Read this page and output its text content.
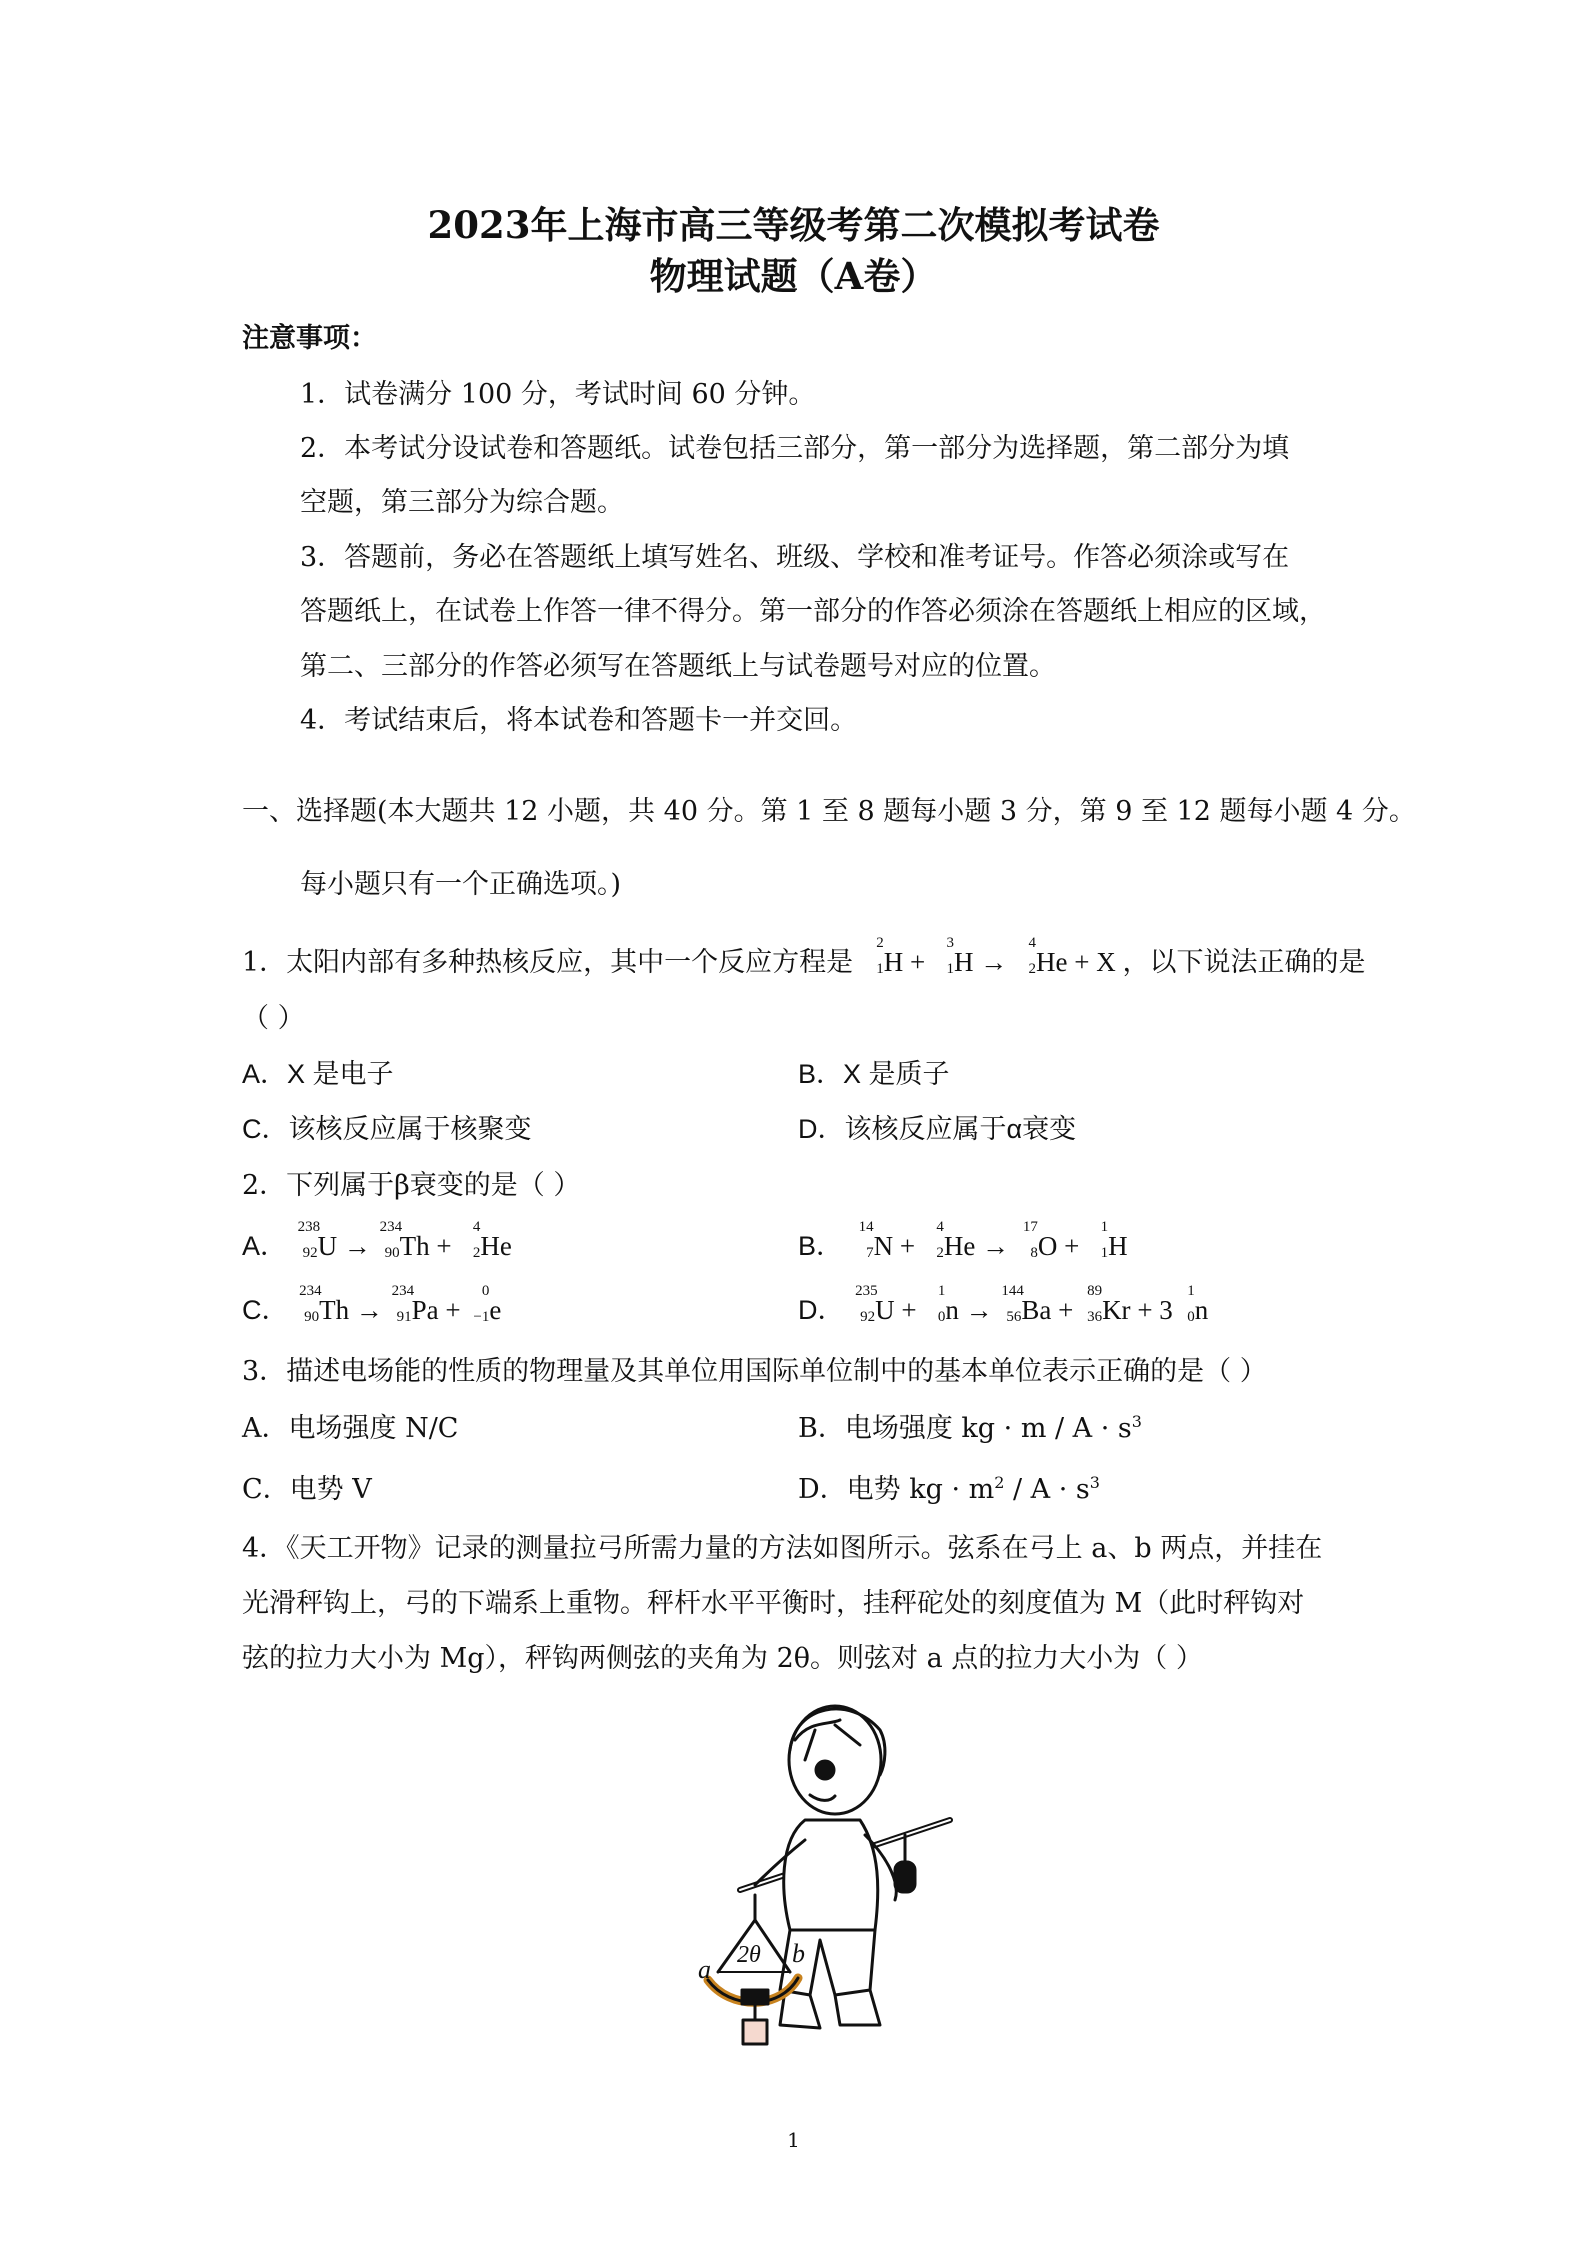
2023年上海市高三等级考第二次模拟考试卷
物理试题（A卷）
注意事项：
1．试卷满分 100 分，考试时间 60 分钟。
2．本考试分设试卷和答题纸。试卷包括三部分，第一部分为选择题，第二部分为填
空题，第三部分为综合题。
3．答题前，务必在答题纸上填写姓名、班级、学校和准考证号。作答必须涂或写在
答题纸上，在试卷上作答一律不得分。第一部分的作答必须涂在答题纸上相应的区域，
第二、三部分的作答必须写在答题纸上与试卷题号对应的位置。
4．考试结束后，将本试卷和答题卡一并交回。
一、选择题(本大题共 12 小题，共 40 分。第 1 至 8 题每小题 3 分，第 9 至 12 题每小题 4 分。
每小题只有一个正确选项。)
1．太阳内部有多种热核反应，其中一个反应方程是
2
1 H +
3
1 H →
4
2 He + X ，以下说法正确的是
（ ）
A．X 是电子	B．X 是质子
C．该核反应属于核聚变	D．该核反应属于α衰变
2．下列属于β衰变的是（ ）
A．
238
92 U →
234
90 Th +
4
2 He	B．
14
7 N +
4
2 He →
17
8 O +
1
1 H
C．
234
90 Th →
234
91 Pa +
0
−1 e	D．
235
92 U +
1
0 n →
144
56 Ba +
89
36 Kr + 3
1
0 n
3．描述电场能的性质的物理量及其单位用国际单位制中的基本单位表示正确的是（ ）
A．电场强度 N/C	B．电场强度 kg · $m / A \cdot s^3$
C．电势 V	D．电势 kg · $m^2 / A \cdot s^3$
4．《天工开物》记录的测量拉弓所需力量的方法如图所示。弦系在弓上 a、b 两点，并挂在
光滑秤钩上，弓的下端系上重物。秤杆水平平衡时，挂秤砣处的刻度值为 M（此时秤钩对
弦的拉力大小为 Mg），秤钩两侧弦的夹角为 2θ。则弦对 a 点的拉力大小为（ ）
a
b
2θ
1
